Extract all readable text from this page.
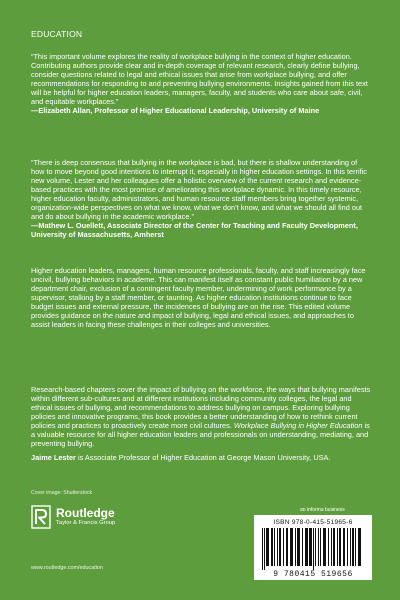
EDUCATION

“This important volume explores the reality of workplace bullying in the context of higher education. Contributing authors provide clear and in-depth coverage of relevant research, clearly define bullying, consider questions related to legal and ethical issues that arise from workplace bullying, and offer recommendations for responding to and preventing bullying environments. Insights gained from this text will be helpful for higher education leaders, managers, faculty, and students who care about safe, civil, and equitable workplaces.”

—Elizabeth Allan, Professor of Higher Educational Leadership, University of Maine

“There is deep consensus that bullying in the workplace is bad, but there is shallow understanding of how to move beyond good intentions to interrupt it, especially in higher education settings. In this terrific new volume, Lester and her colleagues offer a holistic overview of the current research and evidence-based practices with the most promise of ameliorating this workplace dynamic. In this timely resource, higher education faculty, administrators, and human resource staff members bring together systemic, organization-wide perspectives on what we know, what we don’t know, and what we should all find out and do about bullying in the academic workplace.”

—Mathew L. Ouellett, Associate Director of the Center for Teaching and Faculty Development, University of Massachusetts, Amherst

Higher education leaders, managers, human resource professionals, faculty, and staff increasingly face uncivil, bullying behaviors in academe. This can manifest itself as constant public humiliation by a new department chair, exclusion of a contingent faculty member, undermining of work performance by a supervisor, stalking by a staff member, or taunting. As higher education institutions continue to face budget issues and external pressure, the incidences of bullying are on the rise. This edited volume provides guidance on the nature and impact of bullying, legal and ethical issues, and approaches to assist leaders in facing these challenges in their colleges and universities.

Research-based chapters cover the impact of bullying on the workforce, the ways that bullying manifests within different sub-cultures and at different institutions including community colleges, the legal and ethical issues of bullying, and recommendations to address bullying on campus. Exploring bullying policies and innovative programs, this book provides a better understanding of how to rethink current policies and practices to proactively create more civil cultures. Workplace Bullying in Higher Education is a valuable resource for all higher education leaders and professionals on understanding, mediating, and preventing bullying.

Jaime Lester is Associate Professor of Higher Education at George Mason University, USA.

Cover image: Shutterstock
Routledge
Taylor & Francis Group
www.routledge.com/education
an informa business
ISBN 978-0-415-51965-6
9 780415 519656
